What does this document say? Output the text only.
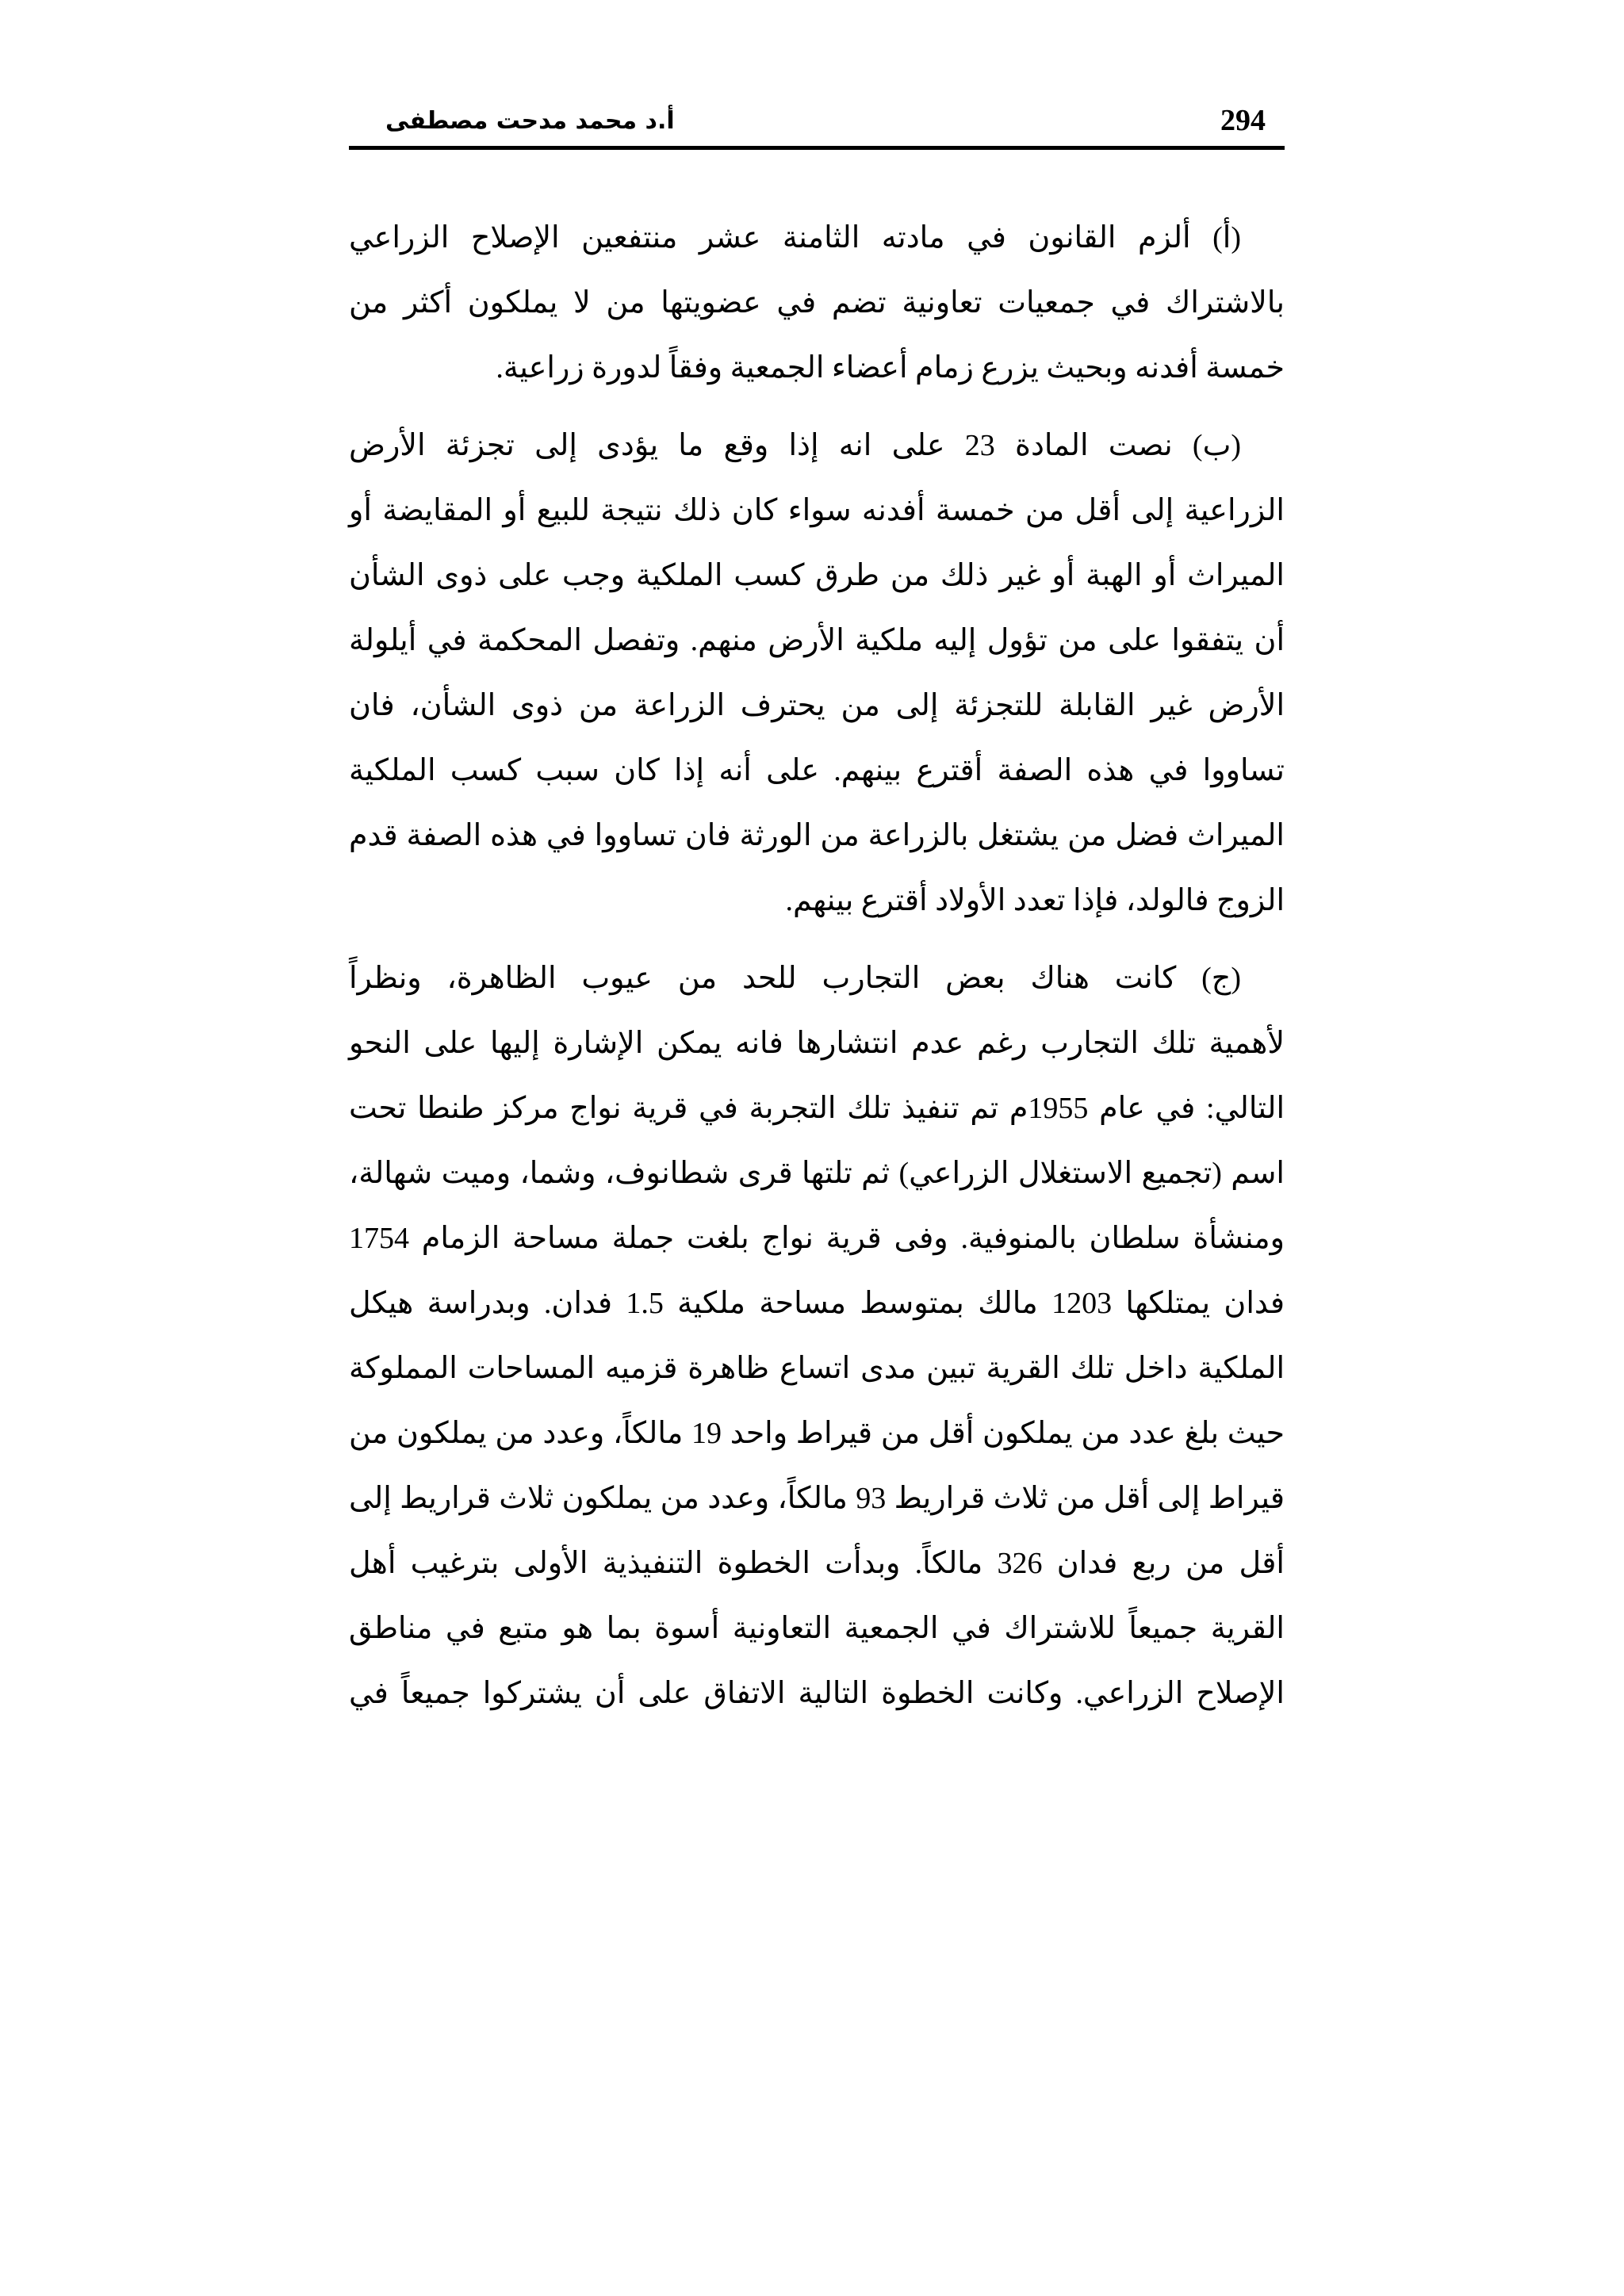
أ.د محمد مدحت مصطفى	294
(أ) ألزم القانون في مادته الثامنة عشر منتفعين الإصلاح الزراعي
بالاشتراك في جمعيات تعاونية تضم في عضويتها من لا يملكون أكثر من
خمسة أفدنه وبحيث يزرع زمام أعضاء الجمعية وفقاً لدورة زراعية.
(ب) نصت المادة 23 على انه إذا وقع ما يؤدى إلى تجزئة الأرض
الزراعية إلى أقل من خمسة أفدنه سواء كان ذلك نتيجة للبيع أو المقايضة أو
الميراث أو الهبة أو غير ذلك من طرق كسب الملكية وجب على ذوى الشأن
أن يتفقوا على من تؤول إليه ملكية الأرض منهم. وتفصل المحكمة في أيلولة
الأرض غير القابلة للتجزئة إلى من يحترف الزراعة من ذوى الشأن، فان
تساووا في هذه الصفة أقترع بينهم. على أنه إذا كان سبب كسب الملكية
الميراث فضل من يشتغل بالزراعة من الورثة فان تساووا في هذه الصفة قدم
الزوج فالولد، فإذا تعدد الأولاد أقترع بينهم.
(ج) كانت هناك بعض التجارب للحد من عيوب الظاهرة، ونظراً
لأهمية تلك التجارب رغم عدم انتشارها فانه يمكن الإشارة إليها على النحو
التالي: في عام 1955م تم تنفيذ تلك التجربة في قرية نواج مركز طنطا تحت
اسم (تجميع الاستغلال الزراعي) ثم تلتها قرى شطانوف، وشما، وميت شهالة،
ومنشأة سلطان بالمنوفية. وفى قرية نواج بلغت جملة مساحة الزمام 1754
فدان يمتلكها 1203 مالك بمتوسط مساحة ملكية 1.5 فدان. وبدراسة هيكل
الملكية داخل تلك القرية تبين مدى اتساع ظاهرة قزميه المساحات المملوكة
حيث بلغ عدد من يملكون أقل من قيراط واحد 19 مالكاً، وعدد من يملكون من
قيراط إلى أقل من ثلاث قراريط 93 مالكاً، وعدد من يملكون ثلاث قراريط إلى
أقل من ربع فدان 326 مالكاً. وبدأت الخطوة التنفيذية الأولى بترغيب أهل
القرية جميعاً للاشتراك في الجمعية التعاونية أسوة بما هو متبع في مناطق
الإصلاح الزراعي. وكانت الخطوة التالية الاتفاق على أن يشتركوا جميعاً في
